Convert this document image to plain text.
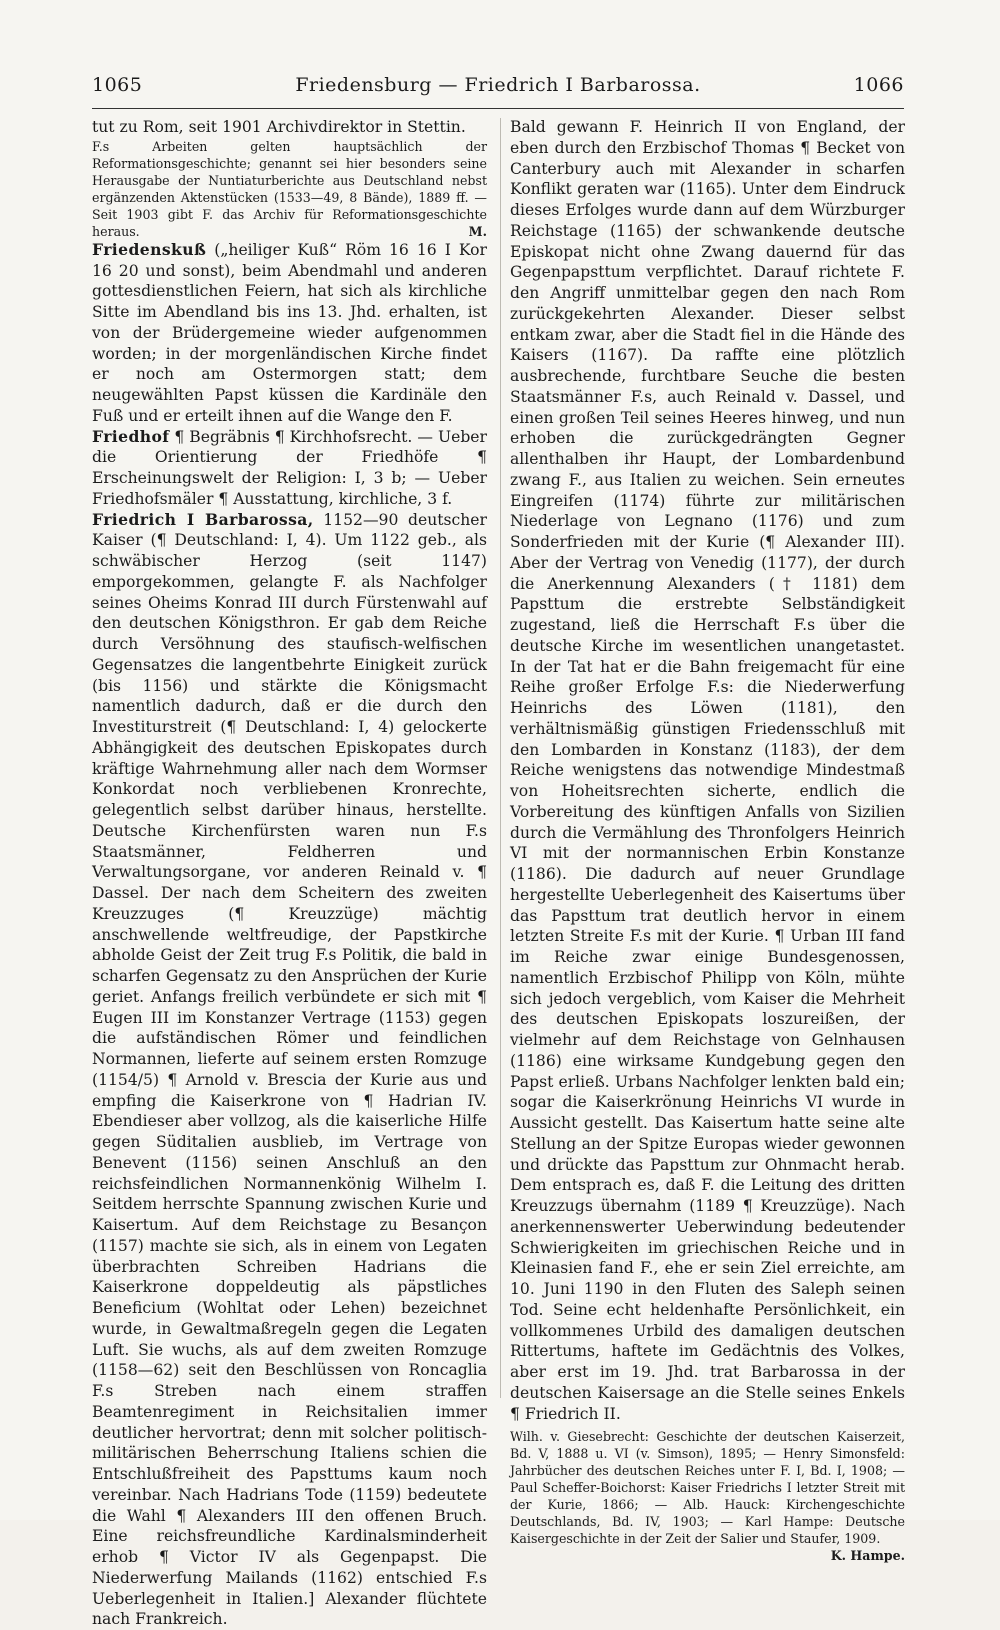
1065	Friedensburg — Friedrich I Barbarossa.	1066

tut zu Rom, seit 1901 Archivdirektor in Stettin.

F.s Arbeiten gelten hauptsächlich der Reformationsgeschichte; genannt sei hier besonders seine Herausgabe der Nuntiaturberichte aus Deutschland nebst ergänzenden Aktenstücken (1533—49, 8 Bände), 1889 ff. — Seit 1903 gibt F. das Archiv für Reformationsgeschichte heraus.	M.

Friedenskuß („heiliger Kuß“ Röm 16 16 I Kor 16 20 und sonst), beim Abendmahl und anderen gottesdienstlichen Feiern, hat sich als kirchliche Sitte im Abendland bis ins 13. Jhd. erhalten, ist von der Brüdergemeine wieder aufgenommen worden; in der morgenländischen Kirche findet er noch am Ostermorgen statt; dem neugewählten Papst küssen die Kardinäle den Fuß und er erteilt ihnen auf die Wange den F.

Friedhof ¶ Begräbnis ¶ Kirchhofsrecht. — Ueber die Orientierung der Friedhöfe ¶ Erscheinungswelt der Religion: I, 3 b; — Ueber Friedhofsmäler ¶ Ausstattung, kirchliche, 3 f.

Friedrich I Barbarossa, 1152—90 deutscher Kaiser (¶ Deutschland: I, 4). Um 1122 geb., als schwäbischer Herzog (seit 1147) emporgekommen, gelangte F. als Nachfolger seines Oheims Konrad III durch Fürstenwahl auf den deutschen Königsthron. Er gab dem Reiche durch Versöhnung des staufisch-welfischen Gegensatzes die langentbehrte Einigkeit zurück (bis 1156) und stärkte die Königsmacht namentlich dadurch, daß er die durch den Investiturstreit (¶ Deutschland: I, 4) gelockerte Abhängigkeit des deutschen Episkopates durch kräftige Wahrnehmung aller nach dem Wormser Konkordat noch verbliebenen Kronrechte, gelegentlich selbst darüber hinaus, herstellte. Deutsche Kirchenfürsten waren nun F.s Staatsmänner, Feldherren und Verwaltungsorgane, vor anderen Reinald v. ¶ Dassel. Der nach dem Scheitern des zweiten Kreuzzuges (¶ Kreuzzüge) mächtig anschwellende weltfreudige, der Papstkirche abholde Geist der Zeit trug F.s Politik, die bald in scharfen Gegensatz zu den Ansprüchen der Kurie geriet. Anfangs freilich verbündete er sich mit ¶ Eugen III im Konstanzer Vertrage (1153) gegen die aufständischen Römer und feindlichen Normannen, lieferte auf seinem ersten Romzuge (1154/5) ¶ Arnold v. Brescia der Kurie aus und empfing die Kaiserkrone von ¶ Hadrian IV. Ebendieser aber vollzog, als die kaiserliche Hilfe gegen Süditalien ausblieb, im Vertrage von Benevent (1156) seinen Anschluß an den reichsfeindlichen Normannenkönig Wilhelm I. Seitdem herrschte Spannung zwischen Kurie und Kaisertum. Auf dem Reichstage zu Besançon (1157) machte sie sich, als in einem von Legaten überbrachten Schreiben Hadrians die Kaiserkrone doppeldeutig als päpstliches Beneficium (Wohltat oder Lehen) bezeichnet wurde, in Gewaltmaßregeln gegen die Legaten Luft. Sie wuchs, als auf dem zweiten Romzuge (1158—62) seit den Beschlüssen von Roncaglia F.s Streben nach einem straffen Beamtenregiment in Reichsitalien immer deutlicher hervortrat; denn mit solcher politisch-militärischen Beherrschung Italiens schien die Entschlußfreiheit des Papsttums kaum noch vereinbar. Nach Hadrians Tode (1159) bedeutete die Wahl ¶ Alexanders III den offenen Bruch. Eine reichsfreundliche Kardinalsminderheit erhob ¶ Victor IV als Gegenpapst. Die Niederwerfung Mailands (1162) entschied F.s Ueberlegenheit in Italien.] Alexander flüchtete nach Frankreich.

Bald gewann F. Heinrich II von England, der eben durch den Erzbischof Thomas ¶ Becket von Canterbury auch mit Alexander in scharfen Konflikt geraten war (1165). Unter dem Eindruck dieses Erfolges wurde dann auf dem Würzburger Reichstage (1165) der schwankende deutsche Episkopat nicht ohne Zwang dauernd für das Gegenpapsttum verpflichtet. Darauf richtete F. den Angriff unmittelbar gegen den nach Rom zurückgekehrten Alexander. Dieser selbst entkam zwar, aber die Stadt fiel in die Hände des Kaisers (1167). Da raffte eine plötzlich ausbrechende, furchtbare Seuche die besten Staatsmänner F.s, auch Reinald v. Dassel, und einen großen Teil seines Heeres hinweg, und nun erhoben die zurückgedrängten Gegner allenthalben ihr Haupt, der Lombardenbund zwang F., aus Italien zu weichen. Sein erneutes Eingreifen (1174) führte zur militärischen Niederlage von Legnano (1176) und zum Sonderfrieden mit der Kurie (¶ Alexander III). Aber der Vertrag von Venedig (1177), der durch die Anerkennung Alexanders († 1181) dem Papsttum die erstrebte Selbständigkeit zugestand, ließ die Herrschaft F.s über die deutsche Kirche im wesentlichen unangetastet. In der Tat hat er die Bahn freigemacht für eine Reihe großer Erfolge F.s: die Niederwerfung Heinrichs des Löwen (1181), den verhältnismäßig günstigen Friedensschluß mit den Lombarden in Konstanz (1183), der dem Reiche wenigstens das notwendige Mindestmaß von Hoheitsrechten sicherte, endlich die Vorbereitung des künftigen Anfalls von Sizilien durch die Vermählung des Thronfolgers Heinrich VI mit der normannischen Erbin Konstanze (1186). Die dadurch auf neuer Grundlage hergestellte Ueberlegenheit des Kaisertums über das Papsttum trat deutlich hervor in einem letzten Streite F.s mit der Kurie. ¶ Urban III fand im Reiche zwar einige Bundesgenossen, namentlich Erzbischof Philipp von Köln, mühte sich jedoch vergeblich, vom Kaiser die Mehrheit des deutschen Episkopats loszureißen, der vielmehr auf dem Reichstage von Gelnhausen (1186) eine wirksame Kundgebung gegen den Papst erließ. Urbans Nachfolger lenkten bald ein; sogar die Kaiserkrönung Heinrichs VI wurde in Aussicht gestellt. Das Kaisertum hatte seine alte Stellung an der Spitze Europas wieder gewonnen und drückte das Papsttum zur Ohnmacht herab. Dem entsprach es, daß F. die Leitung des dritten Kreuzzugs übernahm (1189 ¶ Kreuzzüge). Nach anerkennenswerter Ueberwindung bedeutender Schwierigkeiten im griechischen Reiche und in Kleinasien fand F., ehe er sein Ziel erreichte, am 10. Juni 1190 in den Fluten des Saleph seinen Tod. Seine echt heldenhafte Persönlichkeit, ein vollkommenes Urbild des damaligen deutschen Rittertums, haftete im Gedächtnis des Volkes, aber erst im 19. Jhd. trat Barbarossa in der deutschen Kaisersage an die Stelle seines Enkels ¶ Friedrich II.

Wilh. v. Giesebrecht: Geschichte der deutschen Kaiserzeit, Bd. V, 1888 u. VI (v. Simson), 1895; — Henry Simonsfeld: Jahrbücher des deutschen Reiches unter F. I, Bd. I, 1908; — Paul Scheffer-Boichorst: Kaiser Friedrichs I letzter Streit mit der Kurie, 1866; — Alb. Hauck: Kirchengeschichte Deutschlands, Bd. IV, 1903; — Karl Hampe: Deutsche Kaisergeschichte in der Zeit der Salier und Staufer, 1909.

K. Hampe.
